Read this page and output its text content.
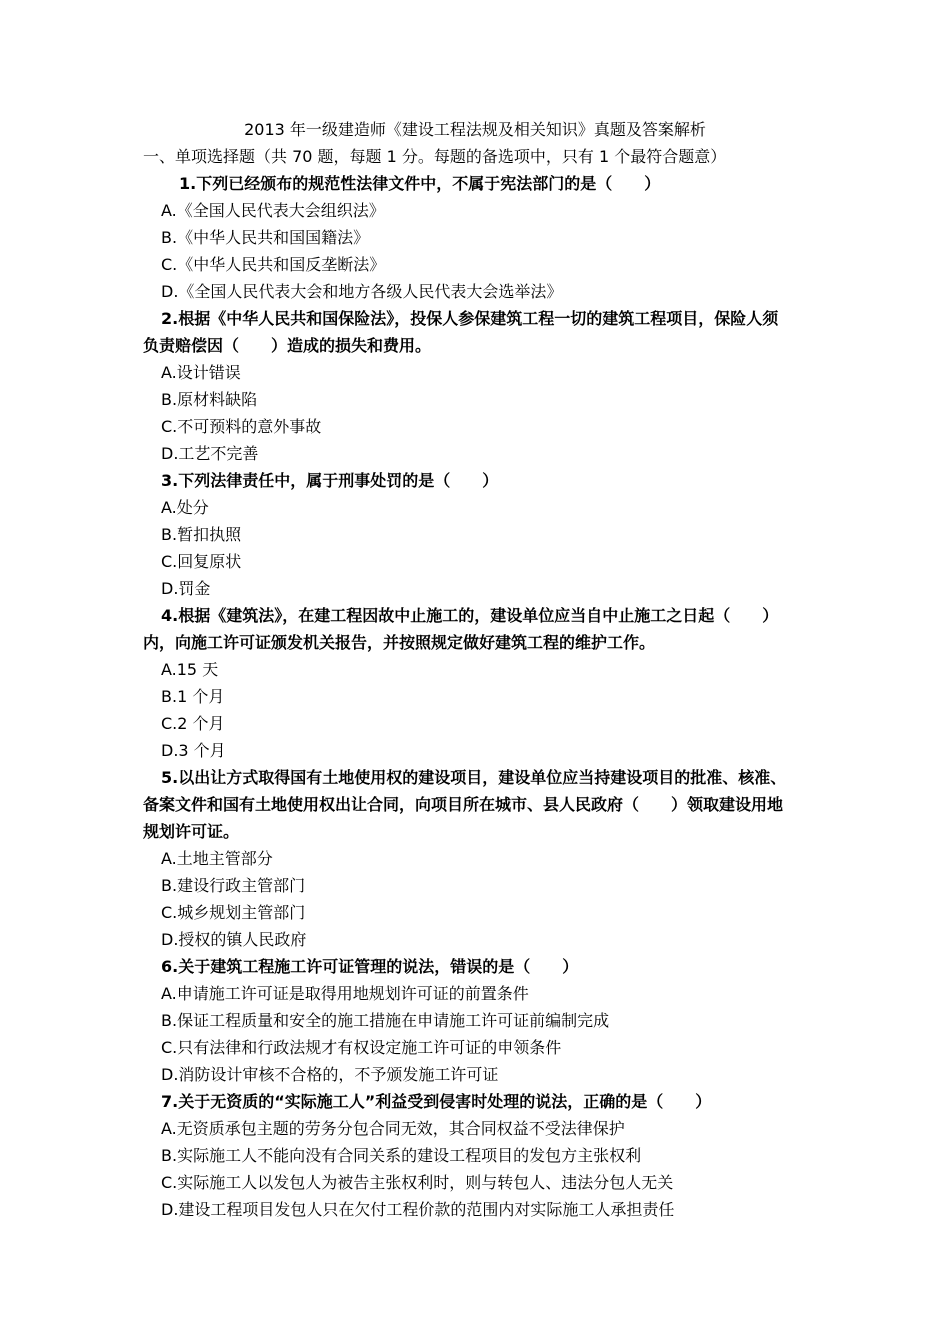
2013 年一级建造师《建设工程法规及相关知识》真题及答案解析
一、单项选择题（共 70 题，每题 1 分。每题的备选项中，只有 1 个最符合题意）
1.下列已经颁布的规范性法律文件中，不属于宪法部门的是（　　）
A.《全国人民代表大会组织法》
B.《中华人民共和国国籍法》
C.《中华人民共和国反垄断法》
D.《全国人民代表大会和地方各级人民代表大会选举法》
2.根据《中华人民共和国保险法》，投保人参保建筑工程一切的建筑工程项目，保险人须
负责赔偿因（　　）造成的损失和费用。
A.设计错误
B.原材料缺陷
C.不可预料的意外事故
D.工艺不完善
3.下列法律责任中，属于刑事处罚的是（　　）
A.处分
B.暂扣执照
C.回复原状
D.罚金
4.根据《建筑法》，在建工程因故中止施工的，建设单位应当自中止施工之日起（　　）
内，向施工许可证颁发机关报告，并按照规定做好建筑工程的维护工作。
A.15 天
B.1 个月
C.2 个月
D.3 个月
5.以出让方式取得国有土地使用权的建设项目，建设单位应当持建设项目的批准、核准、
备案文件和国有土地使用权出让合同，向项目所在城市、县人民政府（　　）领取建设用地
规划许可证。
A.土地主管部分
B.建设行政主管部门
C.城乡规划主管部门
D.授权的镇人民政府
6.关于建筑工程施工许可证管理的说法，错误的是（　　）
A.申请施工许可证是取得用地规划许可证的前置条件
B.保证工程质量和安全的施工措施在申请施工许可证前编制完成
C.只有法律和行政法规才有权设定施工许可证的申领条件
D.消防设计审核不合格的，不予颁发施工许可证
7.关于无资质的“实际施工人”利益受到侵害时处理的说法，正确的是（　　）
A.无资质承包主题的劳务分包合同无效，其合同权益不受法律保护
B.实际施工人不能向没有合同关系的建设工程项目的发包方主张权利
C.实际施工人以发包人为被告主张权利时，则与转包人、违法分包人无关
D.建设工程项目发包人只在欠付工程价款的范围内对实际施工人承担责任
